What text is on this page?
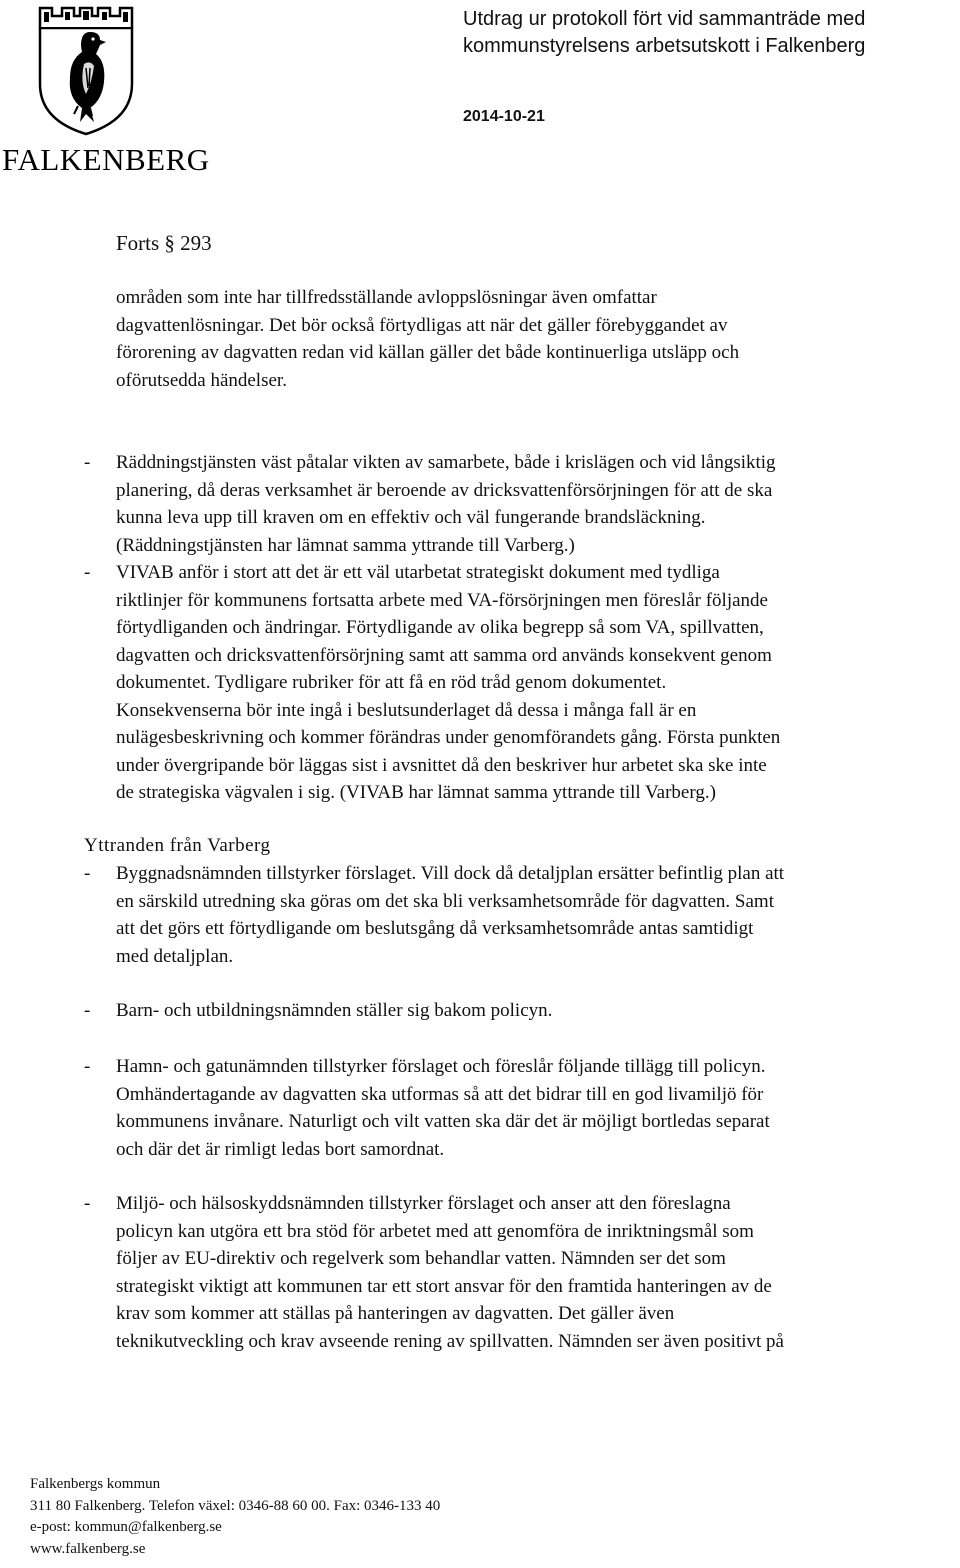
FALKENBERG
Utdrag ur protokoll fört vid sammanträde med
kommunstyrelsens arbetsutskott i Falkenberg
2014-10-21
Forts § 293
områden som inte har tillfredsställande avloppslösningar även omfattar
dagvattenlösningar. Det bör också förtydligas att när det gäller förebyggandet av
förorening av dagvatten redan vid källan gäller det både kontinuerliga utsläpp och
oförutsedda händelser.
- Räddningstjänsten väst påtalar vikten av samarbete, både i krislägen och vid långsiktig
planering, då deras verksamhet är beroende av dricksvattenförsörjningen för att de ska
kunna leva upp till kraven om en effektiv och väl fungerande brandsläckning.
(Räddningstjänsten har lämnat samma yttrande till Varberg.)
- VIVAB anför i stort att det är ett väl utarbetat strategiskt dokument med tydliga
riktlinjer för kommunens fortsatta arbete med VA-försörjningen men föreslår följande
förtydliganden och ändringar. Förtydligande av olika begrepp så som VA, spillvatten,
dagvatten och dricksvattenförsörjning samt att samma ord används konsekvent genom
dokumentet. Tydligare rubriker för att få en röd tråd genom dokumentet.
Konsekvenserna bör inte ingå i beslutsunderlaget då dessa i många fall är en
nulägesbeskrivning och kommer förändras under genomförandets gång. Första punkten
under övergripande bör läggas sist i avsnittet då den beskriver hur arbetet ska ske inte
de strategiska vägvalen i sig. (VIVAB har lämnat samma yttrande till Varberg.)
Yttranden från Varberg
- Byggnadsnämnden tillstyrker förslaget. Vill dock då detaljplan ersätter befintlig plan att
en särskild utredning ska göras om det ska bli verksamhetsområde för dagvatten. Samt
att det görs ett förtydligande om beslutsgång då verksamhetsområde antas samtidigt
med detaljplan.
- Barn- och utbildningsnämnden ställer sig bakom policyn.
- Hamn- och gatunämnden tillstyrker förslaget och föreslår följande tillägg till policyn.
Omhändertagande av dagvatten ska utformas så att det bidrar till en god livamiljö för
kommunens invånare. Naturligt och vilt vatten ska där det är möjligt bortledas separat
och där det är rimligt ledas bort samordnat.
- Miljö- och hälsoskyddsnämnden tillstyrker förslaget och anser att den föreslagna
policyn kan utgöra ett bra stöd för arbetet med att genomföra de inriktningsmål som
följer av EU-direktiv och regelverk som behandlar vatten. Nämnden ser det som
strategiskt viktigt att kommunen tar ett stort ansvar för den framtida hanteringen av de
krav som kommer att ställas på hanteringen av dagvatten. Det gäller även
teknikutveckling och krav avseende rening av spillvatten. Nämnden ser även positivt på
Falkenbergs kommun
311 80 Falkenberg. Telefon växel: 0346-88 60 00. Fax: 0346-133 40
e-post: kommun@falkenberg.se
www.falkenberg.se
